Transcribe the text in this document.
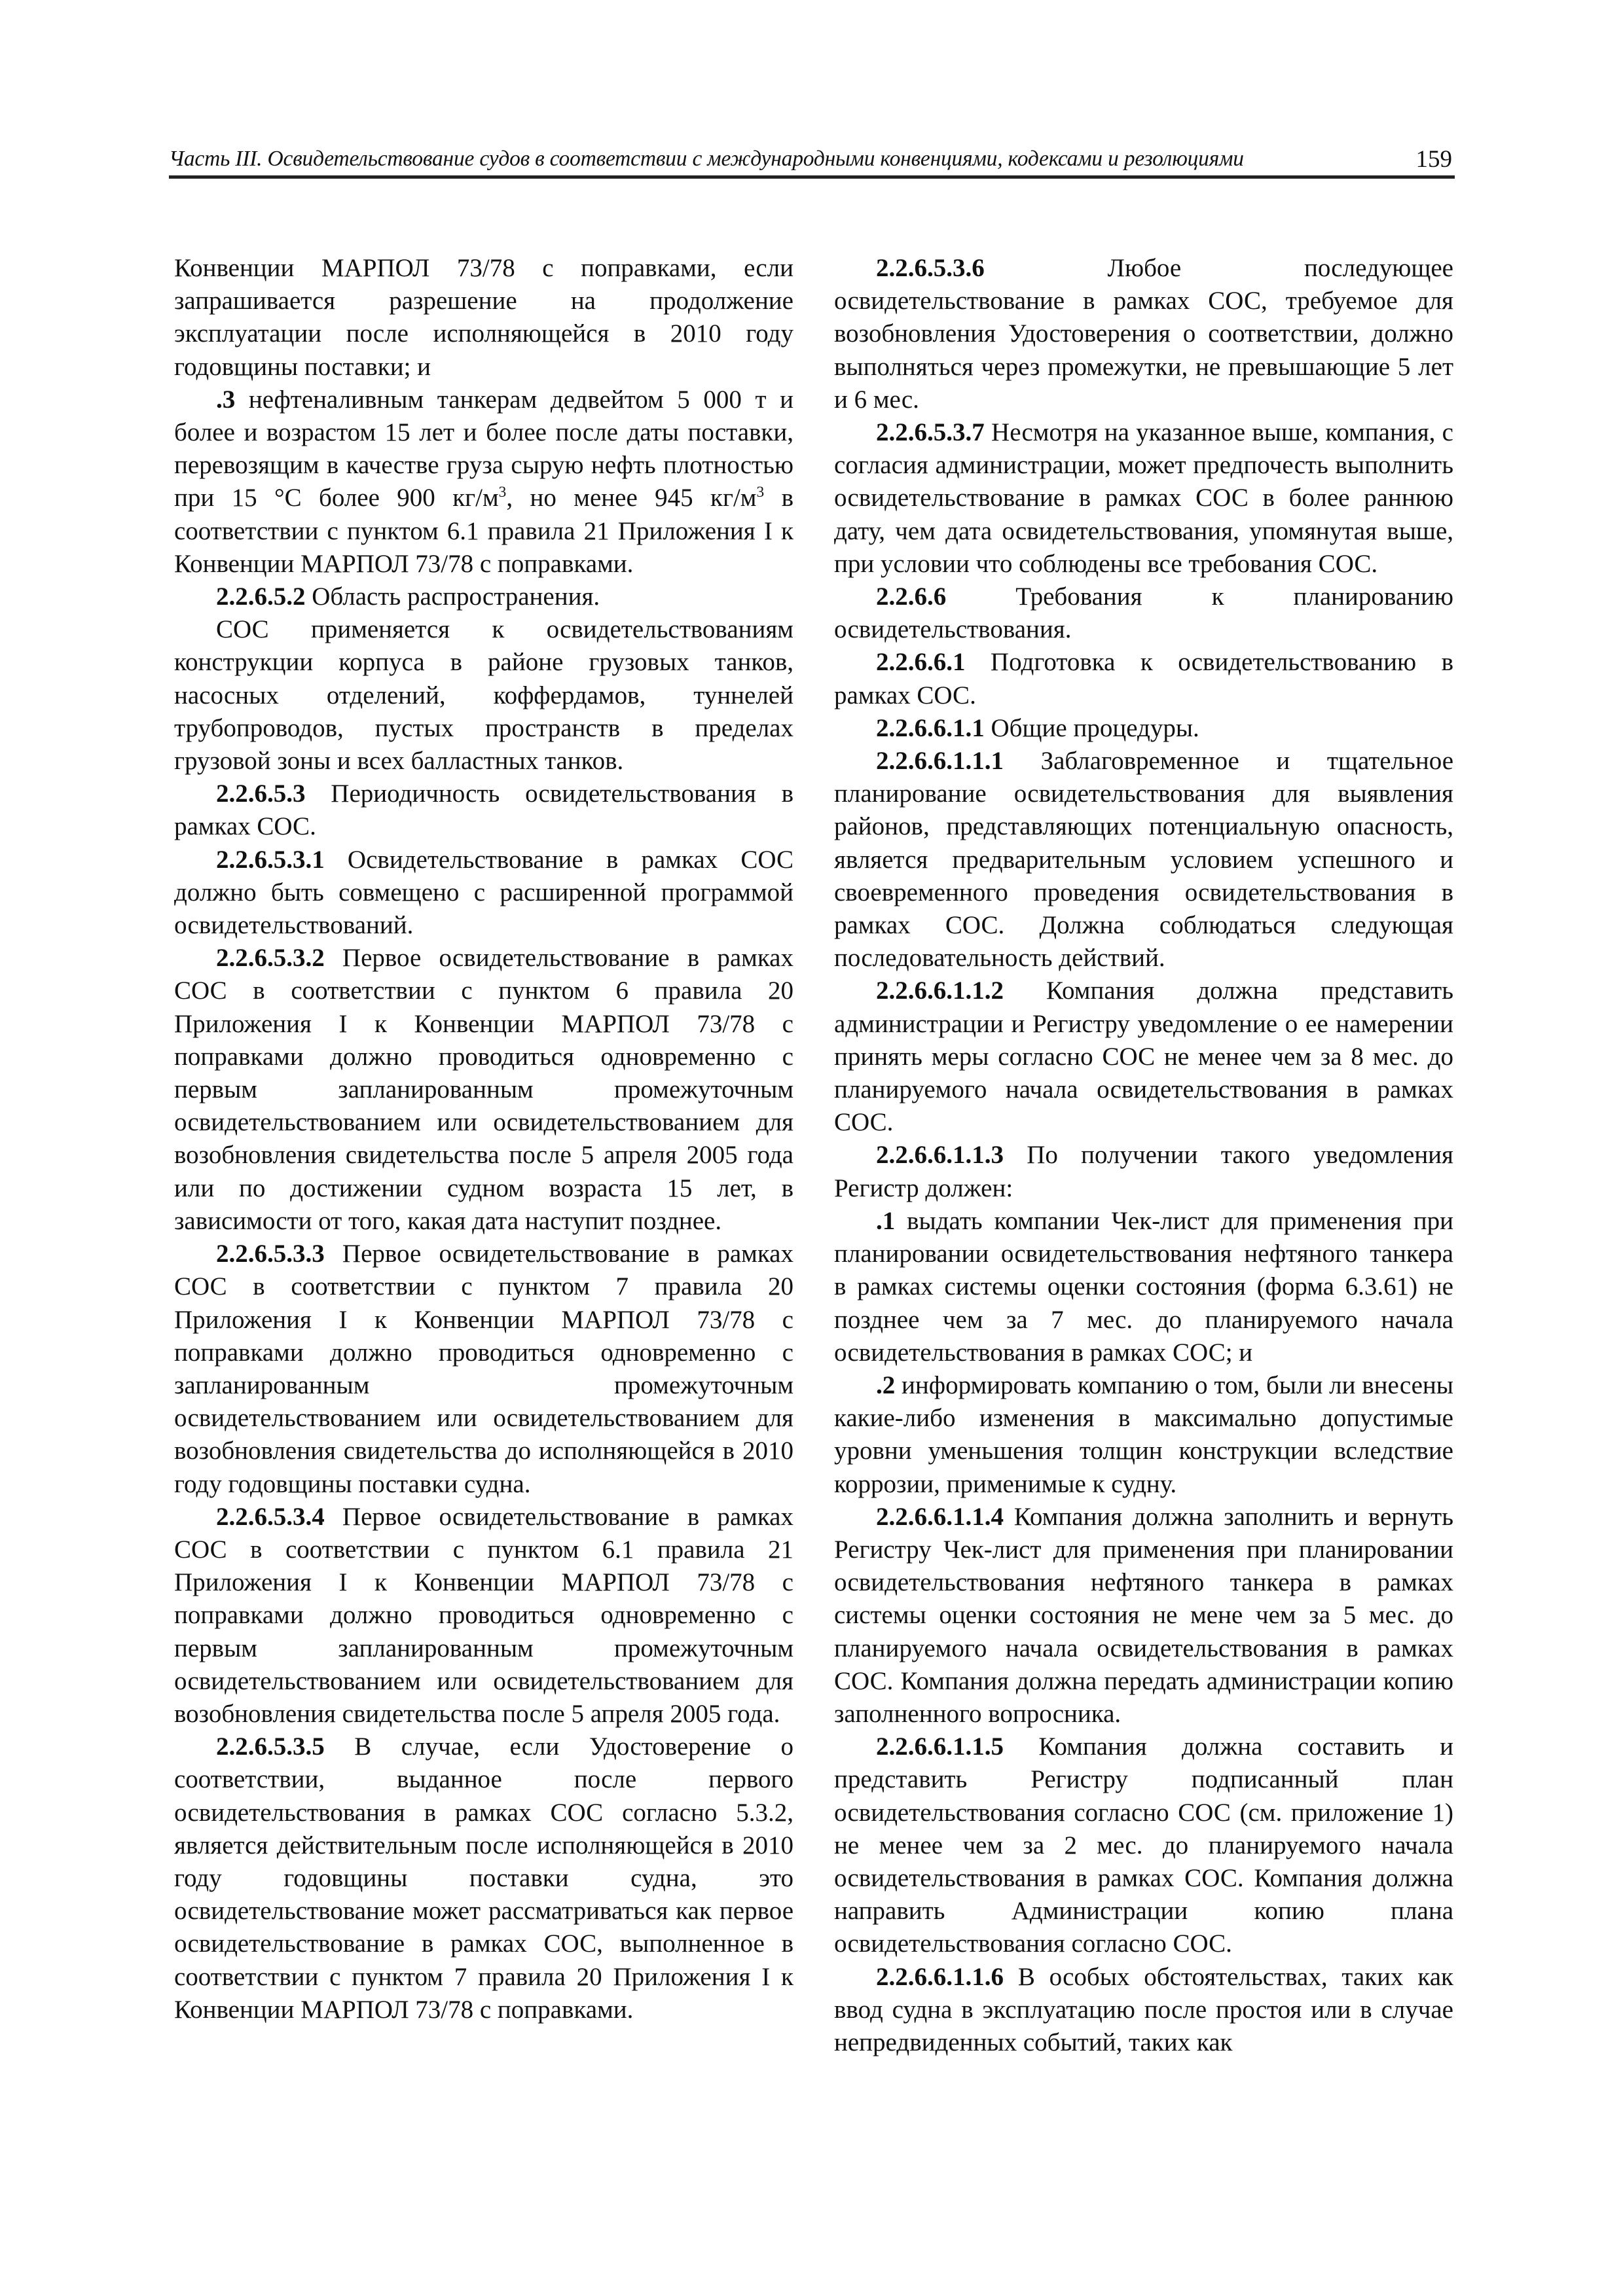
Часть III. Освидетельствование судов в соответствии с международными конвенциями, кодексами и резолюциями	159

Конвенции МАРПОЛ 73/78 с поправками, если запрашивается разрешение на продолжение эксплуатации после исполняющейся в 2010 году годовщины поставки; и

.3 нефтеналивным танкерам дедвейтом 5 000 т и более и возрастом 15 лет и более после даты поставки, перевозящим в качестве груза сырую нефть плотностью при 15 °C более 900 $кг/м^3$, но менее 945 $кг/м^3$ в соответствии с пунктом 6.1 правила 21 Приложения I к Конвенции МАРПОЛ 73/78 с поправками.

2.2.6.5.2 Область распространения.

СОС применяется к освидетельствованиям конструкции корпуса в районе грузовых танков, насосных отделений, коффердамов, туннелей трубопроводов, пустых пространств в пределах грузовой зоны и всех балластных танков.

2.2.6.5.3 Периодичность освидетельствования в рамках СОС.

2.2.6.5.3.1 Освидетельствование в рамках СОС должно быть совмещено с расширенной программой освидетельствований.

2.2.6.5.3.2 Первое освидетельствование в рамках СОС в соответствии с пунктом 6 правила 20 Приложения I к Конвенции МАРПОЛ 73/78 с поправками должно проводиться одновременно с первым запланированным промежуточным освидетельствованием или освидетельствованием для возобновления свидетельства после 5 апреля 2005 года или по достижении судном возраста 15 лет, в зависимости от того, какая дата наступит позднее.

2.2.6.5.3.3 Первое освидетельствование в рамках СОС в соответствии с пунктом 7 правила 20 Приложения I к Конвенции МАРПОЛ 73/78 с поправками должно проводиться одновременно с запланированным промежуточным освидетельствованием или освидетельствованием для возобновления свидетельства до исполняющейся в 2010 году годовщины поставки судна.

2.2.6.5.3.4 Первое освидетельствование в рамках СОС в соответствии с пунктом 6.1 правила 21 Приложения I к Конвенции МАРПОЛ 73/78 с поправками должно проводиться одновременно с первым запланированным промежуточным освидетельствованием или освидетельствованием для возобновления свидетельства после 5 апреля 2005 года.

2.2.6.5.3.5 В случае, если Удостоверение о соответствии, выданное после первого освидетельствования в рамках СОС согласно 5.3.2, является действительным после исполняющейся в 2010 году годовщины поставки судна, это освидетельствование может рассматриваться как первое освидетельствование в рамках СОС, выполненное в соответствии с пунктом 7 правила 20 Приложения I к Конвенции МАРПОЛ 73/78 с поправками.

2.2.6.5.3.6 Любое последующее освидетельствование в рамках СОС, требуемое для возобновления Удостоверения о соответствии, должно выполняться через промежутки, не превышающие 5 лет и 6 мес.

2.2.6.5.3.7 Несмотря на указанное выше, компания, с согласия администрации, может предпочесть выполнить освидетельствование в рамках СОС в более раннюю дату, чем дата освидетельствования, упомянутая выше, при условии что соблюдены все требования СОС.

2.2.6.6 Требования к планированию освидетельствования.

2.2.6.6.1 Подготовка к освидетельствованию в рамках СОС.

2.2.6.6.1.1 Общие процедуры.

2.2.6.6.1.1.1 Заблаговременное и тщательное планирование освидетельствования для выявления районов, представляющих потенциальную опасность, является предварительным условием успешного и своевременного проведения освидетельствования в рамках СОС. Должна соблюдаться следующая последовательность действий.

2.2.6.6.1.1.2 Компания должна представить администрации и Регистру уведомление о ее намерении принять меры согласно СОС не менее чем за 8 мес. до планируемого начала освидетельствования в рамках СОС.

2.2.6.6.1.1.3 По получении такого уведомления Регистр должен:

.1 выдать компании Чек-лист для применения при планировании освидетельствования нефтяного танкера в рамках системы оценки состояния (форма 6.3.61) не позднее чем за 7 мес. до планируемого начала освидетельствования в рамках СОС; и

.2 информировать компанию о том, были ли внесены какие-либо изменения в максимально допустимые уровни уменьшения толщин конструкции вследствие коррозии, применимые к судну.

2.2.6.6.1.1.4 Компания должна заполнить и вернуть Регистру Чек-лист для применения при планировании освидетельствования нефтяного танкера в рамках системы оценки состояния не мене чем за 5 мес. до планируемого начала освидетельствования в рамках СОС. Компания должна передать администрации копию заполненного вопросника.

2.2.6.6.1.1.5 Компания должна составить и представить Регистру подписанный план освидетельствования согласно СОС (см. приложение 1) не менее чем за 2 мес. до планируемого начала освидетельствования в рамках СОС. Компания должна направить Администрации копию плана освидетельствования согласно СОС.

2.2.6.6.1.1.6 В особых обстоятельствах, таких как ввод судна в эксплуатацию после простоя или в случае непредвиденных событий, таких как
